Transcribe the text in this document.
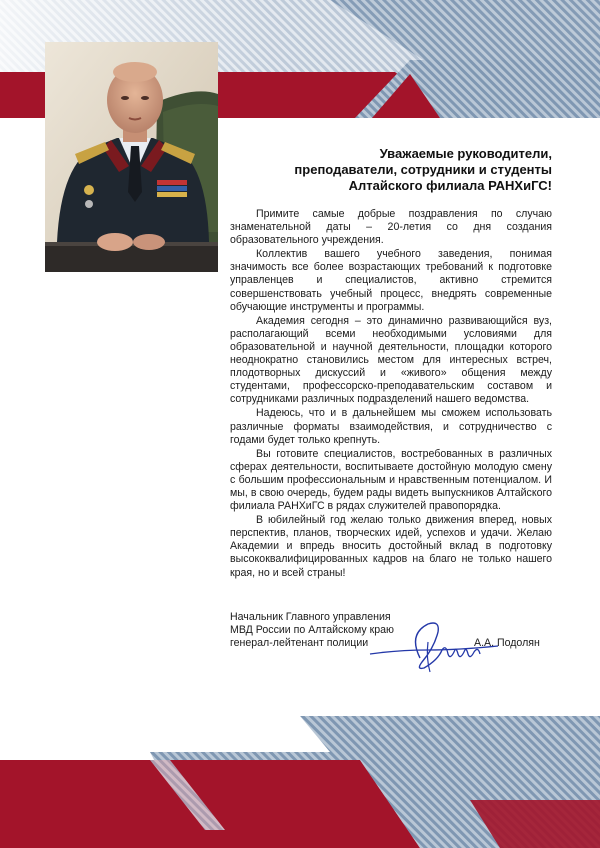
Уважаемые руководители,
преподаватели, сотрудники и студенты
Алтайского филиала РАНХиГС!

Примите самые добрые поздравления по случаю знаменательной даты – 20-летия со дня создания образовательного учреждения.

Коллектив вашего учебного заведения, понимая значимость все более возрастающих требований к подготовке управленцев и специалистов, активно стремится совершенствовать учебный процесс, внедрять современные обучающие инструменты и программы.

Академия сегодня – это динамично развивающийся вуз, располагающий всеми необходимыми условиями для образовательной и научной деятельности, площадки которого неоднократно становились местом для интересных встреч, плодотворных дискуссий и «живого» общения между студентами, профессорско-преподавательским составом и сотрудниками различных подразделений нашего ведомства.

Надеюсь, что и в дальнейшем мы сможем использовать различные форматы взаимодействия, и сотрудничество с годами будет только крепнуть.

Вы готовите специалистов, востребованных в различных сферах деятельности, воспитываете достойную молодую смену с большим профессиональным и нравственным потенциалом. И мы, в свою очередь, будем рады видеть выпускников Алтайского филиала РАНХиГС в рядах служителей правопорядка.

В юбилейный год желаю только движения вперед, новых перспектив, планов, творческих идей, успехов и удачи. Желаю Академии и впредь вносить достойный вклад в подготовку высококвалифицированных кадров на благо не только нашего края, но и всей страны!

Начальник Главного управления
МВД России по Алтайскому краю
генерал-лейтенант полиции	А.А. Подолян
